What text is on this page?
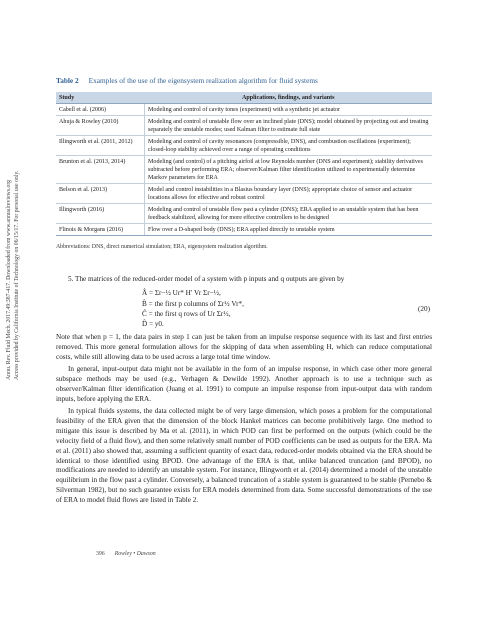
Annu. Rev. Fluid Mech. 2017.49:387-417. Downloaded from www.annualreviews.org Access provided by California Institute of Technology on 06/15/17. For personal use only.
Table 2 Examples of the use of the eigensystem realization algorithm for fluid systems
Study	Applications, findings, and variants
Cabell et al. (2006)	Modeling and control of cavity tones (experiment) with a synthetic jet actuator
Ahuja & Rowley (2010)	Modeling and control of unstable flow over an inclined plate (DNS); model obtained by projecting out and treating separately the unstable modes; used Kalman filter to estimate full state
Illingworth et al. (2011, 2012)	Modeling and control of cavity resonances (compressible, DNS), and combustion oscillations (experiment); closed-loop stability achieved over a range of operating conditions
Brunton et al. (2013, 2014)	Modeling (and control) of a pitching airfoil at low Reynolds number (DNS and experiment); stability derivatives subtracted before performing ERA; observer/Kalman filter identification utilized to experimentally determine Markov parameters for ERA
Belson et al. (2013)	Model and control instabilities in a Blasius boundary layer (DNS); appropriate choice of sensor and actuator locations allows for effective and robust control
Illingworth (2016)	Modeling and control of unstable flow past a cylinder (DNS); ERA applied to an unstable system that has been feedback stabilized, allowing for more effective controllers to be designed
Flinois & Morgans (2016)	Flow over a D-shaped body (DNS); ERA applied directly to unstable system
Abbreviations: DNS, direct numerical simulation; ERA, eigensystem realization algorithm.
5. The matrices of the reduced-order model of a system with p inputs and q outputs are given by
Â = Σr−½ Ur* H′ Vr Σr−½,
B̂ = the first p columns of Σr½ Vr*,
Ĉ = the first q rows of Ur Σr½,
D̂ = y0.
(20)
Note that when p = 1, the data pairs in step 1 can just be taken from an impulse response sequence with its last and first entries removed. This more general formulation allows for the skipping of data when assembling H, which can reduce computational costs, while still allowing data to be used across a large total time window.
In general, input-output data might not be available in the form of an impulse response, in which case other more general subspace methods may be used (e.g., Verhagen & Dewilde 1992). Another approach is to use a technique such as observer/Kalman filter identification (Juang et al. 1991) to compute an impulse response from input-output data with random inputs, before applying the ERA.
In typical fluids systems, the data collected might be of very large dimension, which poses a problem for the computational feasibility of the ERA given that the dimension of the block Hankel matrices can become prohibitively large. One method to mitigate this issue is described by Ma et al. (2011), in which POD can first be performed on the outputs (which could be the velocity field of a fluid flow), and then some relatively small number of POD coefficients can be used as outputs for the ERA. Ma et al. (2011) also showed that, assuming a sufficient quantity of exact data, reduced-order models obtained via the ERA should be identical to those identified using BPOD. One advantage of the ERA is that, unlike balanced truncation (and BPOD), no modifications are needed to identify an unstable system. For instance, Illingworth et al. (2014) determined a model of the unstable equilibrium in the flow past a cylinder. Conversely, a balanced truncation of a stable system is guaranteed to be stable (Pernebo & Silverman 1982), but no such guarantee exists for ERA models determined from data. Some successful demonstrations of the use of ERA to model fluid flows are listed in Table 2.
396 Rowley • Dawson
